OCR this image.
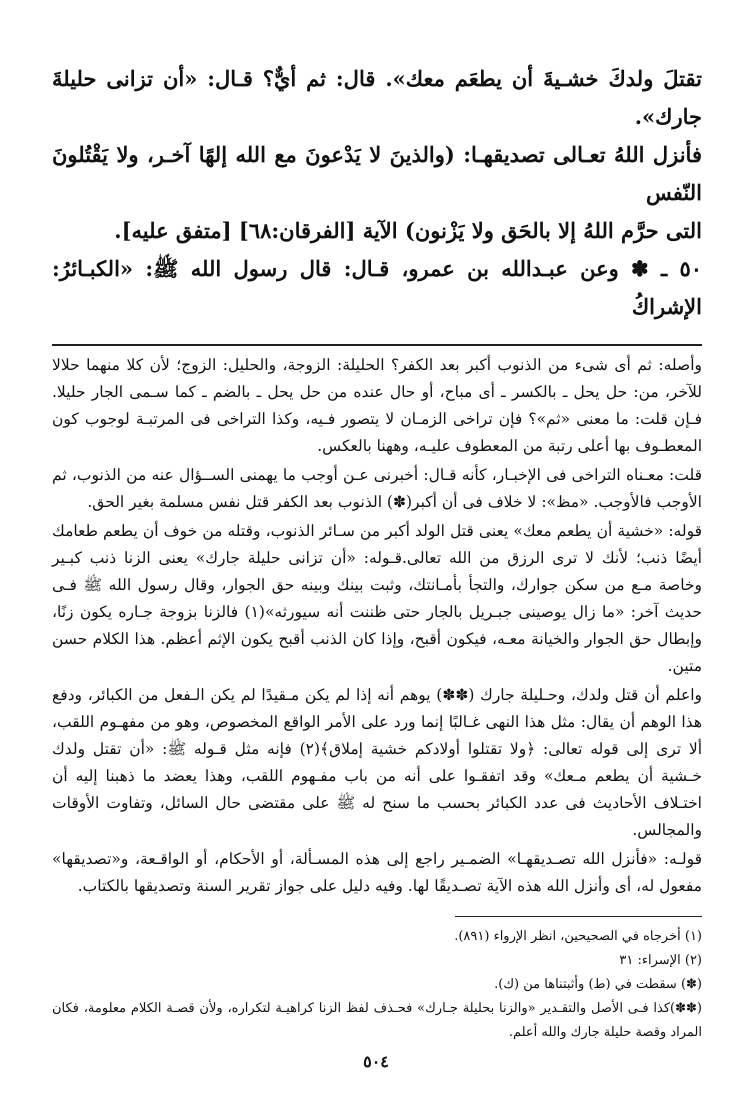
تقتلَ ولدكَ خشـيةَ أن يطعَم معك». قال: ثم أيٌّ؟ قـال: «أن تزانى حليلةَ جارك».

فأنزل اللهُ تعـالى تصديقهـا: (والذينَ لا يَدْعونَ مع الله إلهًا آخـر، ولا يَقْتُلونَ النّفس

التى حرَّم اللهُ إلا بالحَق ولا يَزْنون) الآية [الفرقان:٦٨] [متفق عليه].

٥٠ ـ ✽ وعن عبـدالله بن عمرو، قـال: قال رسول الله ﷺ: «الكبـائرُ: الإشراكُ

وأصله: ثم أى شىء من الذنوب أكبر بعد الكفر؟ الحليلة: الزوجة، والحليل: الزوج؛ لأن كلا منهما حلالا للآخر، من: حل يحل ـ بالكسر ـ أى مباح، أو حال عنده من حل يحل ـ بالضم ـ كما سـمى الجار حليلا. فـإن قلت: ما معنى «ثم»؟ فإن تراخى الزمـان لا يتصور فـيه، وكذا التراخى فى المرتبـة لوجوب كون المعطـوف بها أعلى رتبة من المعطوف عليـه، وههنا بالعكس.

قلت: معـناه التراخى فى الإخبـار، كأنه قـال: أخبرنى عـن أوجب ما يهمنى الســؤال عنه من الذنوب، ثم الأوجب فالأوجب. «مظ»: لا خلاف فى أن أكبر(✽) الذنوب بعد الكفر قتل نفس مسلمة بغير الحق.

قوله: «خشية أن يطعم معك» يعنى قتل الولد أكبر من سـائر الذنوب، وقتله من خوف أن يطعم طعامك أيضًا ذنب؛ لأنك لا ترى الرزق من الله تعالى.قـوله: «أن تزانى حليلة جارك» يعنى الزنا ذنب كبـير وخاصة مـع من سكن جوارك، والتجأ بأمـانتك، وثبت بينك وبينه حق الجوار، وقال رسول الله ﷺ فـى حديث آخر: «ما زال يوصينى جبـريل بالجار حتى ظننت أنه سيورثه»(١) فالزنا بزوجة جـاره يكون زنًا، وإبطال حق الجوار والخيانة معـه، فيكون أقبح، وإذا كان الذنب أقبح يكون الإثم أعظم. هذا الكلام حسن متين.

واعلم أن قتل ولدك، وحـليلة جارك (✽✽) يوهم أنه إذا لم يكن مـقيدًا لم يكن الـفعل من الكبائر، ودفع هذا الوهم أن يقال: مثل هذا النهى غـالبًا إنما ورد على الأمر الواقع المخصوص، وهو من مفهـوم اللقب، ألا ترى إلى قوله تعالى: ﴿ولا تقتلوا أولادكم خشية إملاق﴾(٢) فإنه مثل قـوله ﷺ: «أن تقتل ولدك خـشية أن يطعم مـعك» وقد اتفقـوا على أنه من باب مفـهوم اللقب، وهذا يعضد ما ذهبنا إليه أن اختـلاف الأحاديث فى عدد الكبائر بحسب ما سنح له ﷺ على مقتضى حال السائل، وتفاوت الأوقات والمجالس.

قولـه: «فأنزل الله تصـديقهـا» الضمـير راجع إلى هذه المسـألة، أو الأحكام، أو الواقـعة، و«تصديقها» مفعول له، أى وأنزل الله هذه الآية تصـديقًا لها. وفيه دليل على جواز تقرير السنة وتصديقها بالكتاب.

(١) أخرجاه في الصحيحين، انظر الإرواء (٨٩١).

(٢) الإسراء: ٣١

(✽) سقطت في (ط) وأثبتناها من (ك).

(✽✽)كذا فـى الأصل والتقـدير «والزنا بحليلة جـارك» فحـذف لفظ الزنا كراهيـة لتكراره، ولأن قصـة الكلام معلومة، فكان المراد وقصة حليلة جارك والله أعلم.

٥٠٤
